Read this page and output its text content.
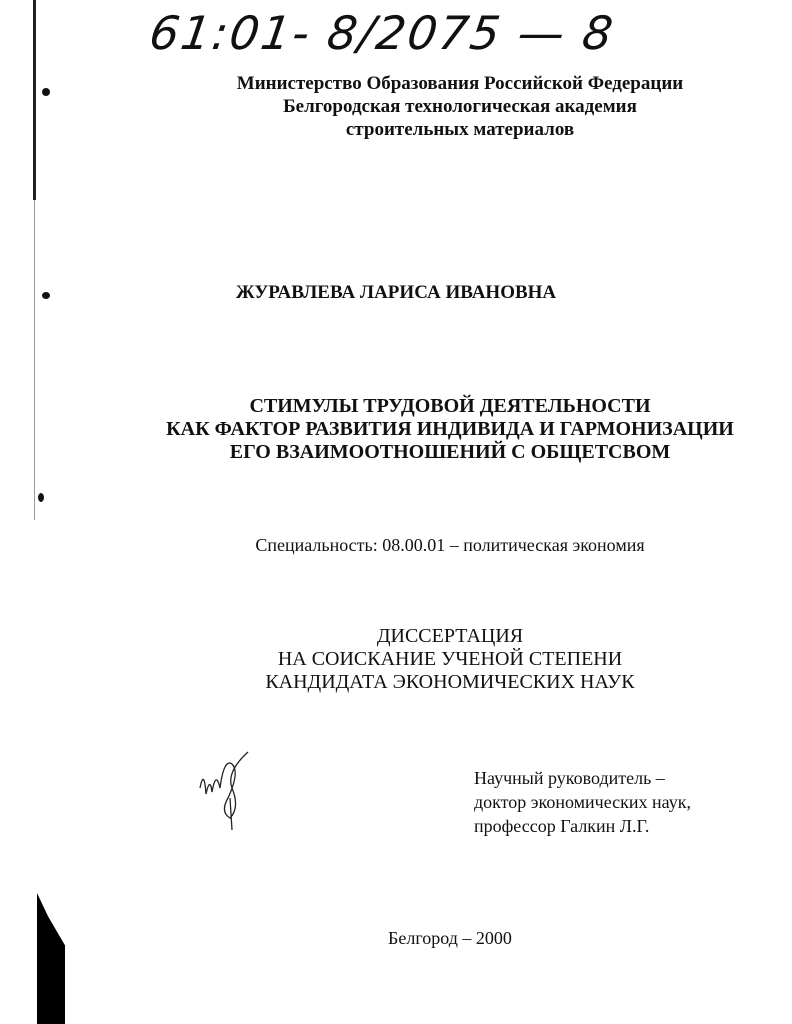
61:01- 8/2075 — 8
Министерство Образования Российской Федерации
Белгородская технологическая академия
строительных материалов
ЖУРАВЛЕВА ЛАРИСА ИВАНОВНА
СТИМУЛЫ ТРУДОВОЙ ДЕЯТЕЛЬНОСТИ
КАК ФАКТОР РАЗВИТИЯ ИНДИВИДА И ГАРМОНИЗАЦИИ
ЕГО ВЗАИМООТНОШЕНИЙ С ОБЩЕТСВОМ
Специальность: 08.00.01 – политическая экономия
ДИССЕРТАЦИЯ
НА СОИСКАНИЕ УЧЕНОЙ СТЕПЕНИ
КАНДИДАТА ЭКОНОМИЧЕСКИХ НАУК
Научный руководитель –
доктор экономических наук,
профессор Галкин Л.Г.
Белгород – 2000
